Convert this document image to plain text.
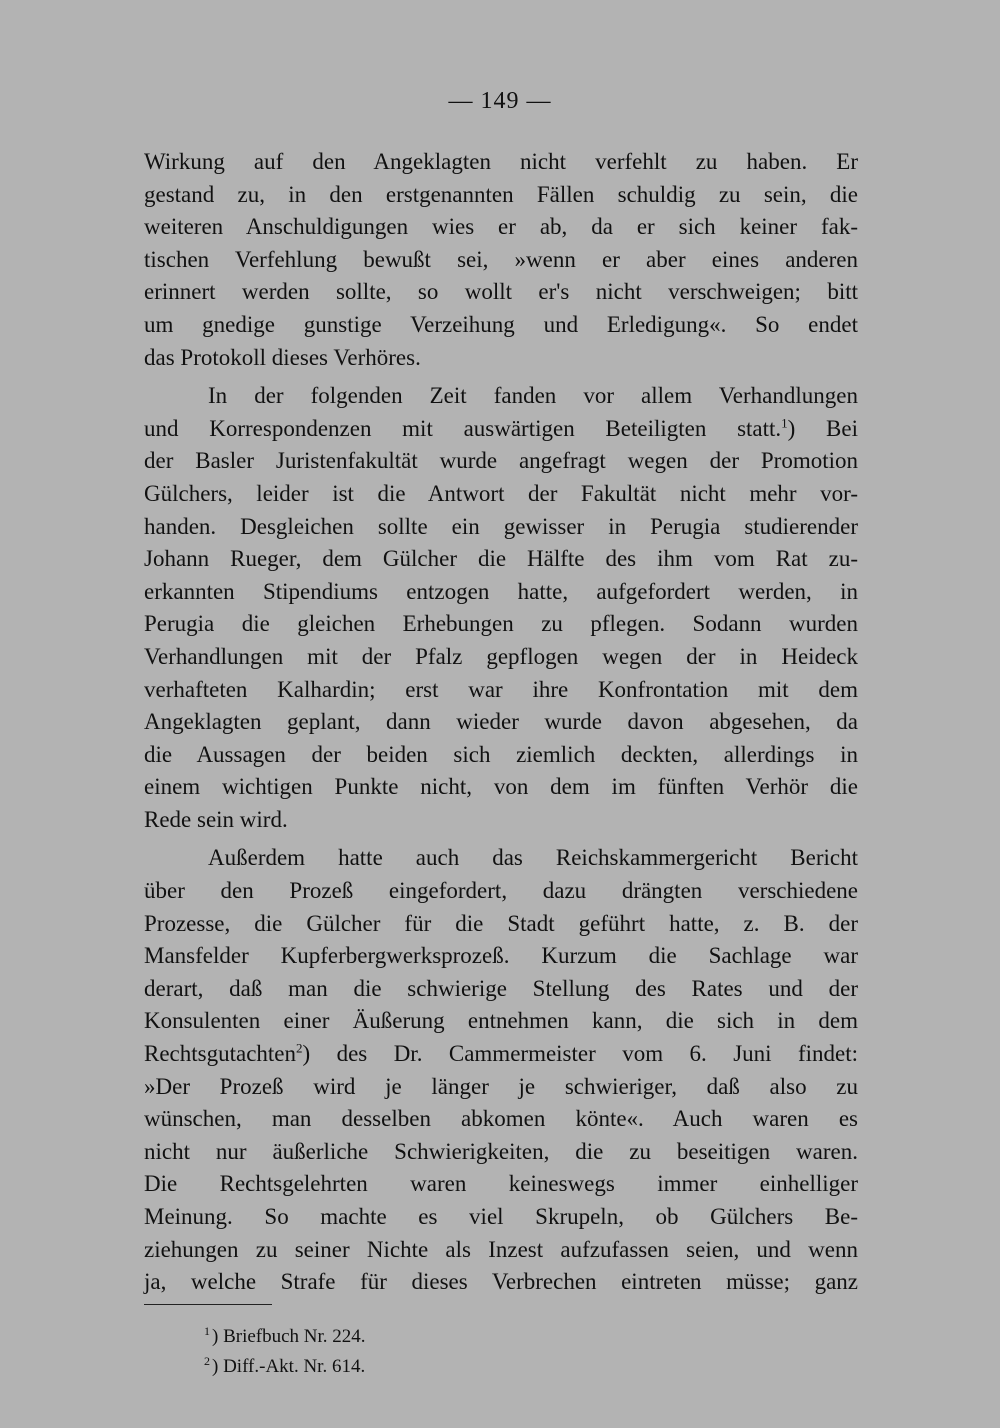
— 149 —
Wirkung auf den Angeklagten nicht verfehlt zu haben. Er
gestand zu, in den erstgenannten Fällen schuldig zu sein, die
weiteren Anschuldigungen wies er ab, da er sich keiner fak-
tischen Verfehlung bewußt sei, »wenn er aber eines anderen
erinnert werden sollte, so wollt er's nicht verschweigen; bitt
um gnedige gunstige Verzeihung und Erledigung«. So endet
das Protokoll dieses Verhöres.
In der folgenden Zeit fanden vor allem Verhandlungen
und Korrespondenzen mit auswärtigen Beteiligten statt.$^1$) Bei
der Basler Juristenfakultät wurde angefragt wegen der Promotion
Gülchers, leider ist die Antwort der Fakultät nicht mehr vor-
handen. Desgleichen sollte ein gewisser in Perugia studierender
Johann Rueger, dem Gülcher die Hälfte des ihm vom Rat zu-
erkannten Stipendiums entzogen hatte, aufgefordert werden, in
Perugia die gleichen Erhebungen zu pflegen. Sodann wurden
Verhandlungen mit der Pfalz gepflogen wegen der in Heideck
verhafteten Kalhardin; erst war ihre Konfrontation mit dem
Angeklagten geplant, dann wieder wurde davon abgesehen, da
die Aussagen der beiden sich ziemlich deckten, allerdings in
einem wichtigen Punkte nicht, von dem im fünften Verhör die
Rede sein wird.
Außerdem hatte auch das Reichskammergericht Bericht
über den Prozeß eingefordert, dazu drängten verschiedene
Prozesse, die Gülcher für die Stadt geführt hatte, z. B. der
Mansfelder Kupferbergwerksprozeß. Kurzum die Sachlage war
derart, daß man die schwierige Stellung des Rates und der
Konsulenten einer Äußerung entnehmen kann, die sich in dem
Rechtsgutachten$^2$) des Dr. Cammermeister vom 6. Juni findet:
»Der Prozeß wird je länger je schwieriger, daß also zu
wünschen, man desselben abkomen könte«. Auch waren es
nicht nur äußerliche Schwierigkeiten, die zu beseitigen waren.
Die Rechtsgelehrten waren keineswegs immer einhelliger
Meinung. So machte es viel Skrupeln, ob Gülchers Be-
ziehungen zu seiner Nichte als Inzest aufzufassen seien, und wenn
ja, welche Strafe für dieses Verbrechen eintreten müsse; ganz
$^1$ ) Briefbuch Nr. 224.
$^2$ ) Diff.-Akt. Nr. 614.
